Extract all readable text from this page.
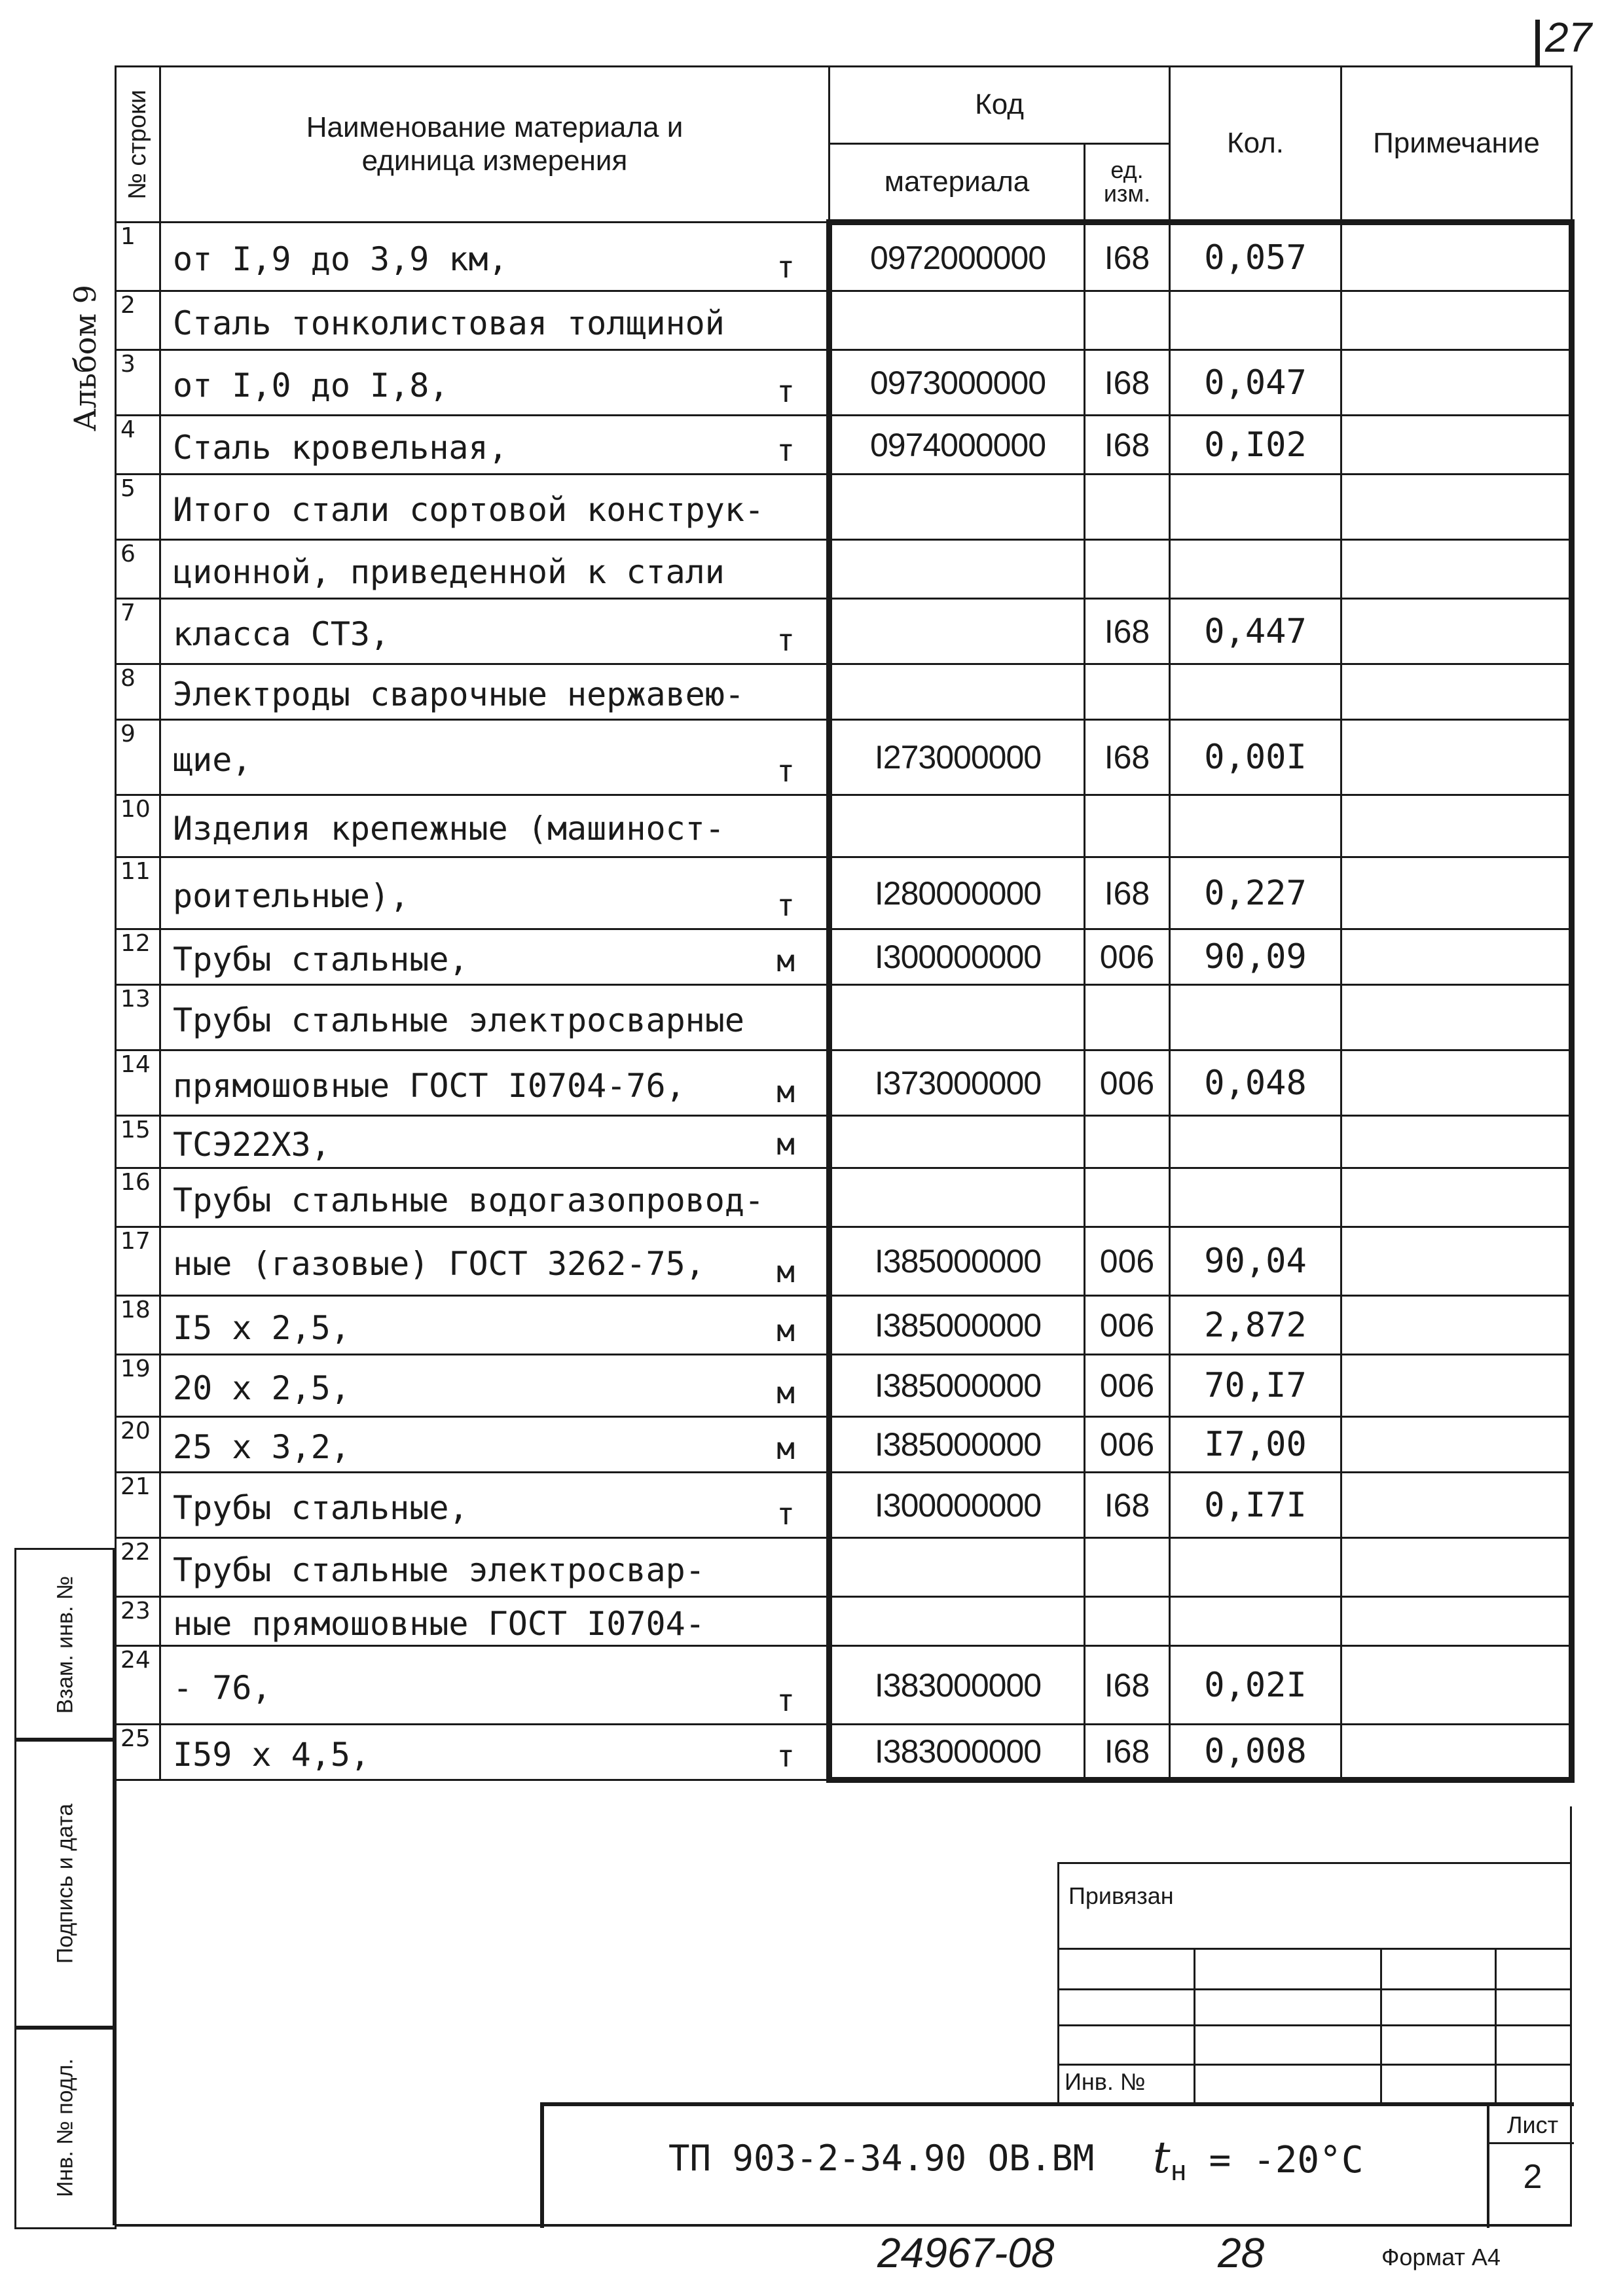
27
Альбом 9
№ строки	Наименование материала и единица измерения	Код		Кол.	Примечание
		материала	ед. изм.		
1	от I,9 до 3,9 км, т	0972000000	I68	0,057	
2	Сталь тонколистовая толщиной

3	от I,0 до I,8, т	0973000000	I68	0,047	
4	Сталь кровельная, т	0974000000	I68	0,I02	
5	Итого стали сортовой конструк-

6	ционной, приведенной к стали

7	класса СТЗ, т		I68	0,447	
8	Электроды сварочные нержавею-

9	щие, т	I273000000	I68	0,00I	
10	Изделия крепежные (машиност-

11	роительные), т	I280000000	I68	0,227	
12	Трубы стальные, м	I300000000	006	90,09	
13	Трубы стальные электросварные

14	прямошовные ГОСТ I0704-76, м	I373000000	006	0,048	
15	ТСЭ22ХЗ, м				

16	Трубы стальные водогазопровод-

17	ные (газовые) ГОСТ 3262-75, м	I385000000	006	90,04	
18	I5 х 2,5, м	I385000000	006	2,872	
19	20 х 2,5, м	I385000000	006	70,I7	
20	25 х 3,2, м	I385000000	006	I7,00	
21	Трубы стальные, т	I300000000	I68	0,I7I	
22	Трубы стальные электросвар-

23	ные прямошовные ГОСТ I0704-

24	- 76, т	I383000000	I68	0,02I	
25	I59 х 4,5, т	I383000000	I68	0,008	
Взам. инв. №
Подпись и дата
Инв. № подл.
Привязан
Инв. №
ТП 903-2-34.90 ОВ.ВМ $t_н = -20^\circ C$
Лист
2
24967-08	28	Формат А4
